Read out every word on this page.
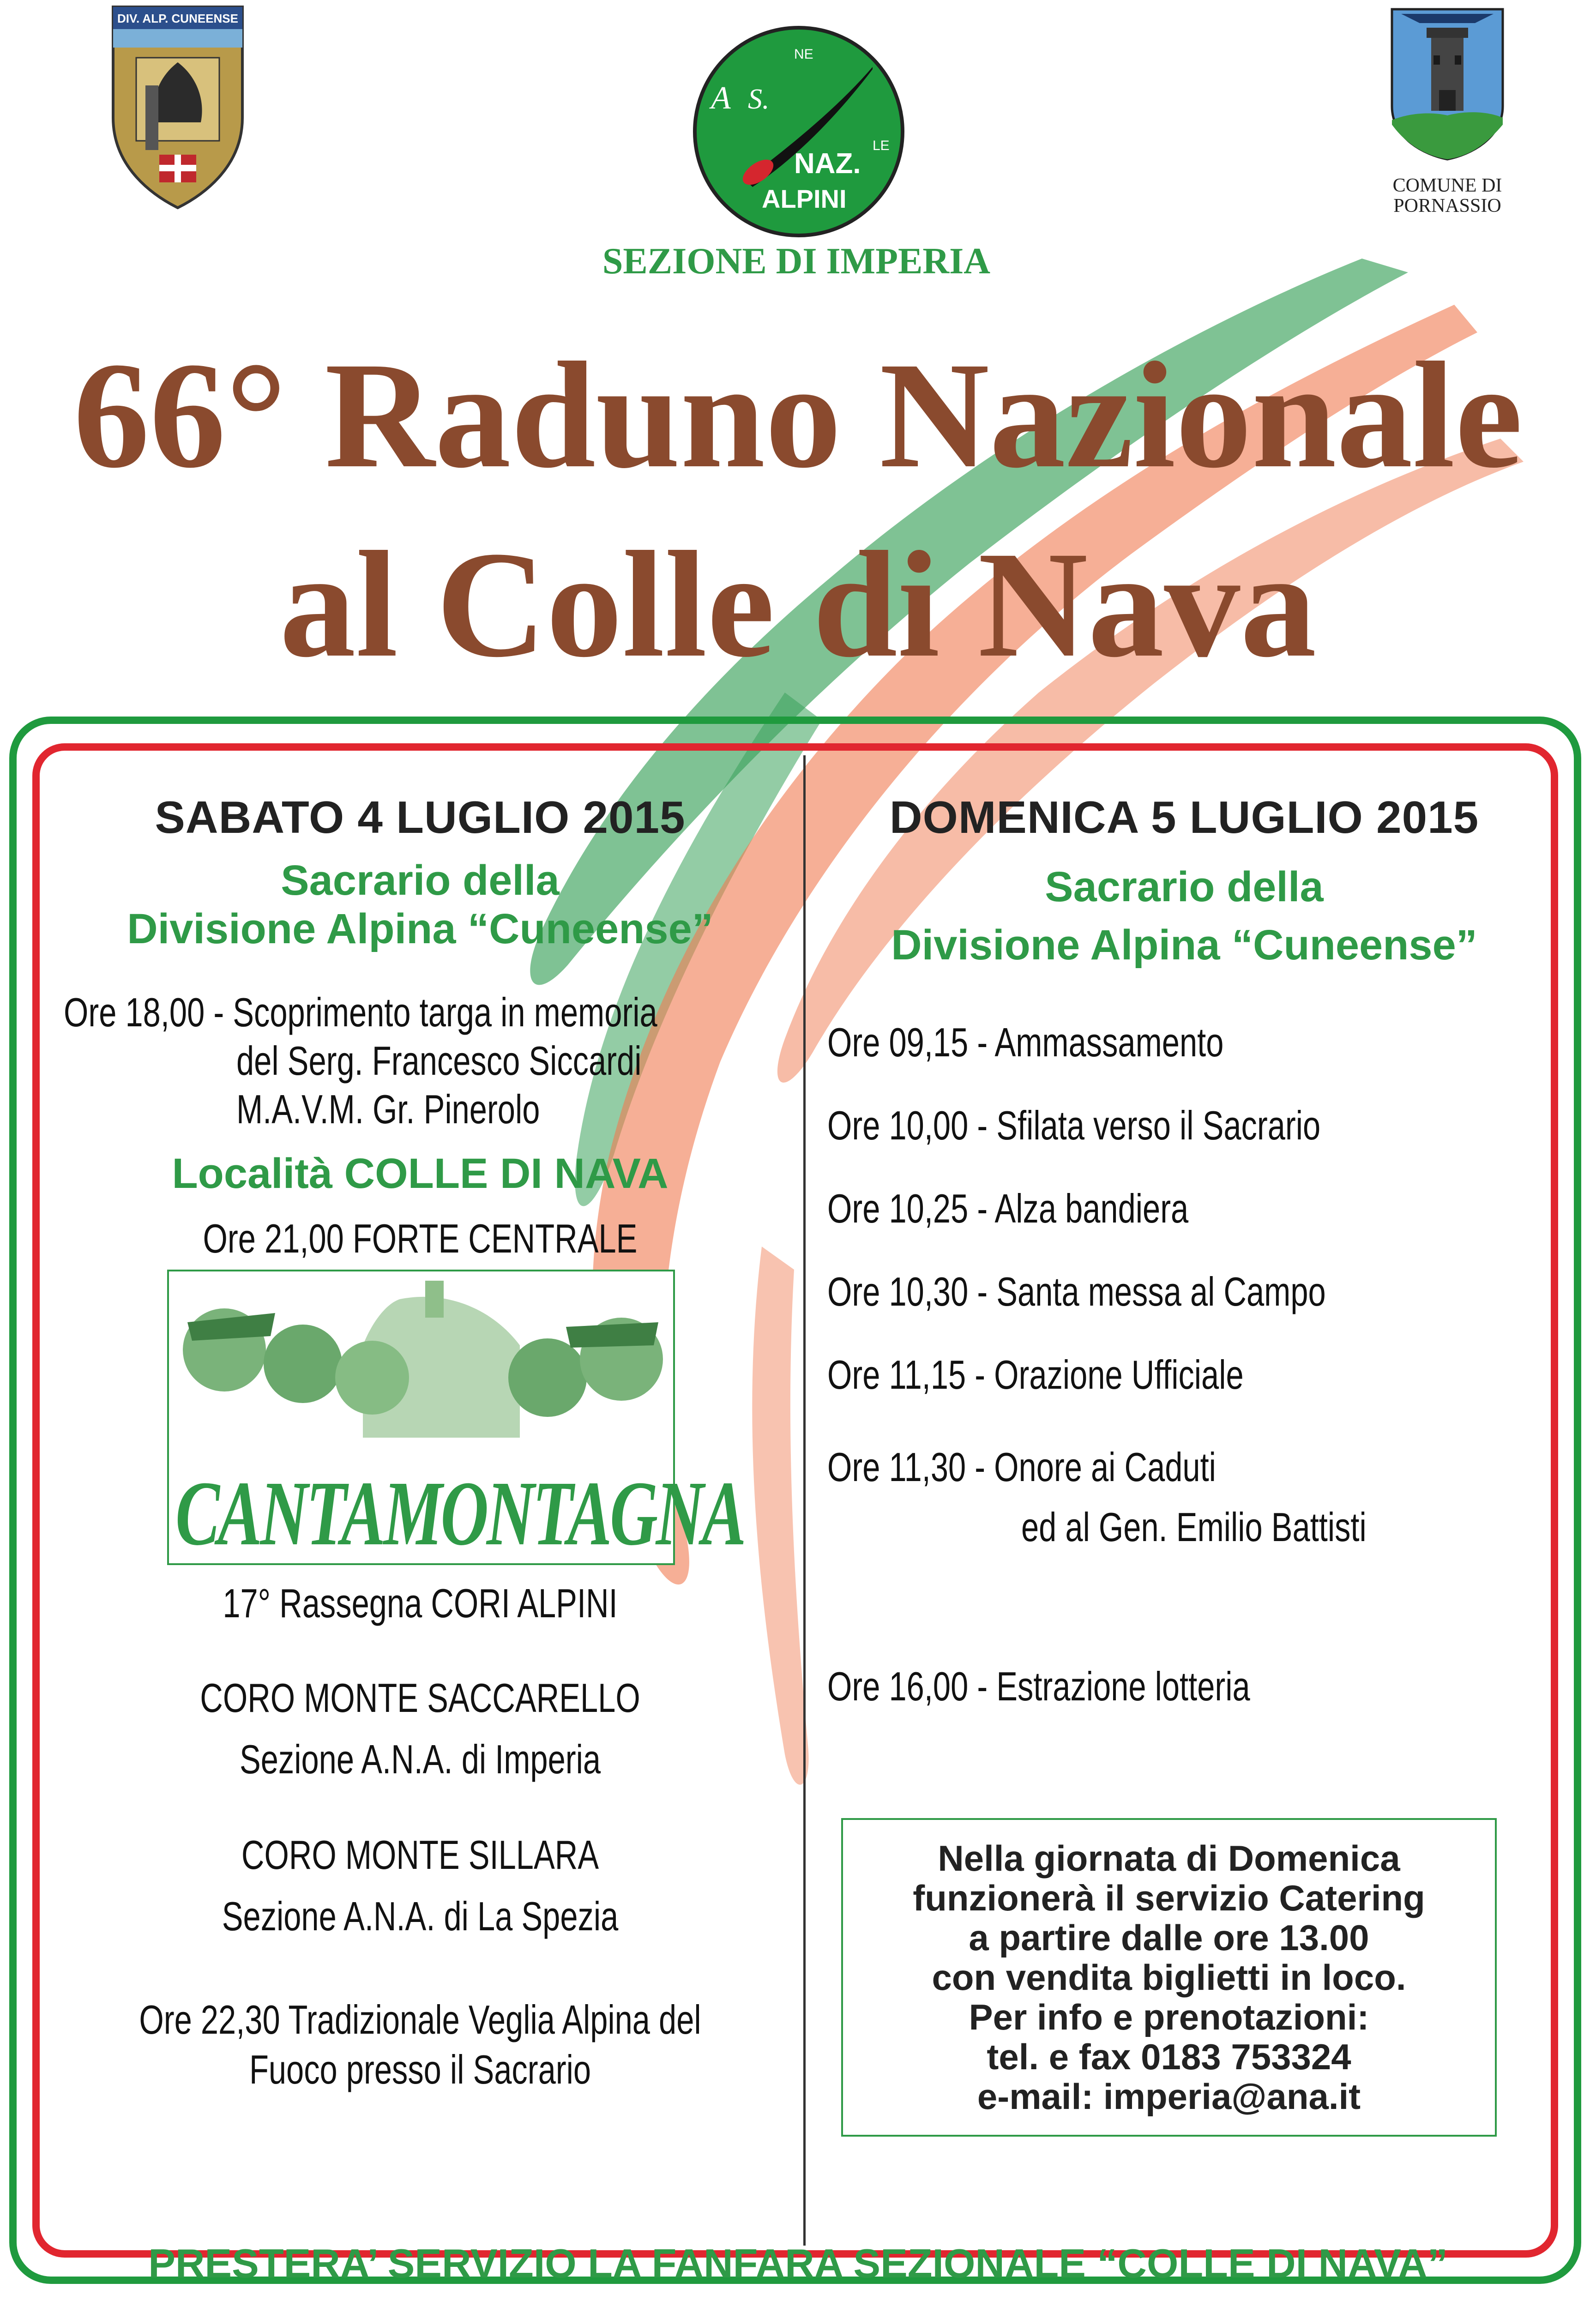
DIV. ALP. CUNEENSE
A
NE
S.
NAZ.
LE
ALPINI	COMUNE DI PORNASSIO
SEZIONE DI IMPERIA
66° Raduno Nazionale
al Colle di Nava
SABATO 4 LUGLIO 2015
Sacrario della
Divisione Alpina “Cuneense”
Ore 18,00 - Scoprimento targa in memoria
del Serg. Francesco Siccardi
M.A.V.M. Gr. Pinerolo
Località COLLE DI NAVA
Ore 21,00 FORTE CENTRALE
CANTAMONTAGNA
17° Rassegna CORI ALPINI
CORO MONTE SACCARELLO
Sezione A.N.A. di Imperia
CORO MONTE SILLARA
Sezione A.N.A. di La Spezia
Ore 22,30 Tradizionale Veglia Alpina del
Fuoco presso il Sacrario
DOMENICA 5 LUGLIO 2015
Sacrario della
Divisione Alpina “Cuneense”
Ore 09,15 - Ammassamento
Ore 10,00 - Sfilata verso il Sacrario
Ore 10,25 - Alza bandiera
Ore 10,30 - Santa messa al Campo
Ore 11,15 - Orazione Ufficiale
Ore 11,30 - Onore ai Caduti
ed al Gen. Emilio Battisti
Ore 16,00 - Estrazione lotteria
Nella giornata di Domenica
funzionerà il servizio Catering
a partire dalle ore 13.00
con vendita biglietti in loco.
Per info e prenotazioni:
tel. e fax 0183 753324
e-mail: imperia@ana.it
PRESTERA’ SERVIZIO LA FANFARA SEZIONALE “COLLE DI NAVA”
